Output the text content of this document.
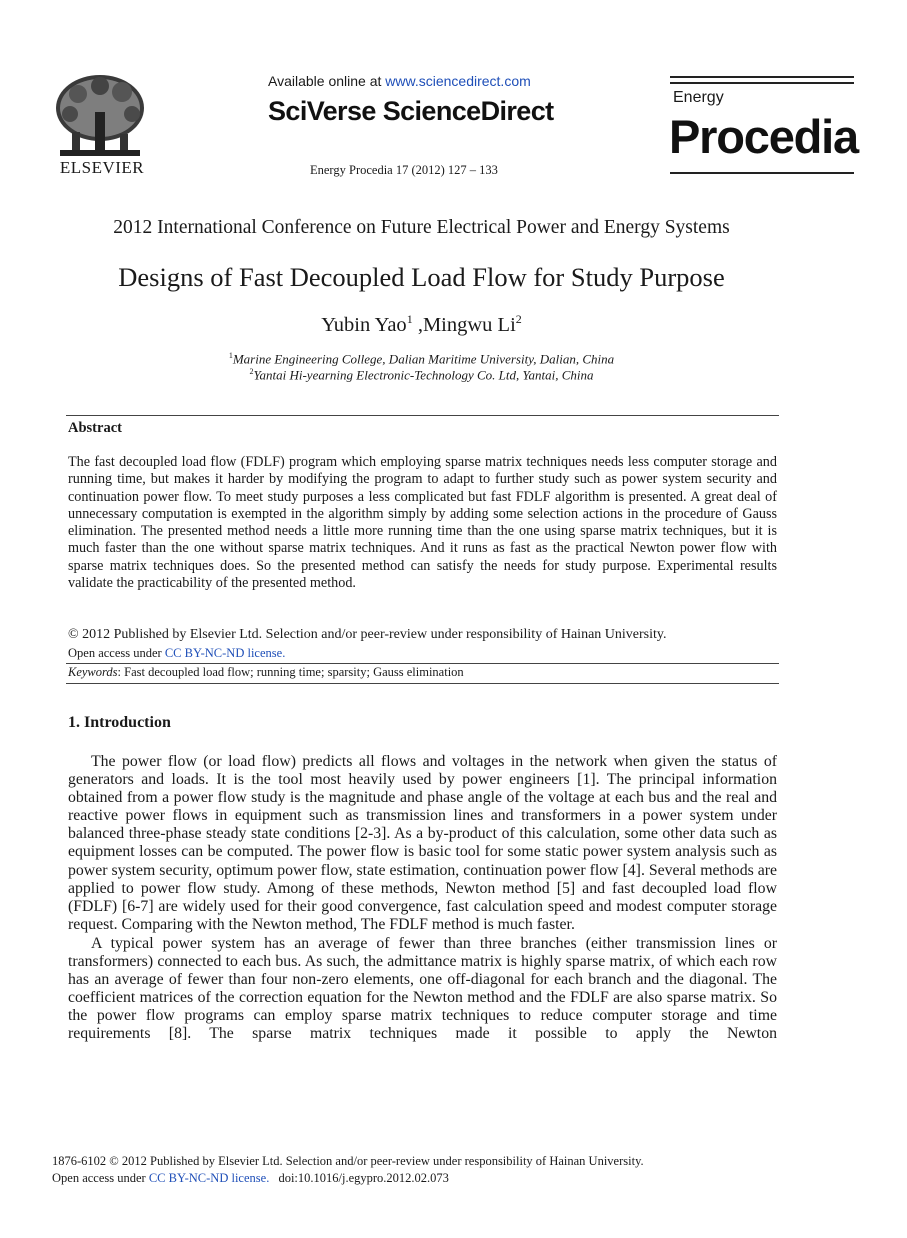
ELSEVIER
Available online at www.sciencedirect.com
SciVerse ScienceDirect
Energy Procedia 17 (2012) 127 – 133
Energy
Procedia
2012 International Conference on Future Electrical Power and Energy Systems
Designs of Fast Decoupled Load Flow for Study Purpose
Yubin Yao$^1$ ,Mingwu Li$^2$
$^1$Marine Engineering College, Dalian Maritime University, Dalian, China
$^2$Yantai Hi-yearning Electronic-Technology Co. Ltd, Yantai, China
Abstract
The fast decoupled load flow (FDLF) program which employing sparse matrix techniques needs less computer storage and running time, but makes it harder by modifying the program to adapt to further study such as power system security and continuation power flow. To meet study purposes a less complicated but fast FDLF algorithm is presented. A great deal of unnecessary computation is exempted in the algorithm simply by adding some selection actions in the procedure of Gauss elimination. The presented method needs a little more running time than the one using sparse matrix techniques, but it is much faster than the one without sparse matrix techniques. And it runs as fast as the practical Newton power flow with sparse matrix techniques does. So the presented method can satisfy the needs for study purpose. Experimental results validate the practicability of the presented method.
© 2012 Published by Elsevier Ltd. Selection and/or peer-review under responsibility of Hainan University.
Open access under CC BY-NC-ND license.
Keywords: Fast decoupled load flow; running time; sparsity; Gauss elimination
1. Introduction
The power flow (or load flow) predicts all flows and voltages in the network when given the status of generators and loads. It is the tool most heavily used by power engineers [1]. The principal information obtained from a power flow study is the magnitude and phase angle of the voltage at each bus and the real and reactive power flows in equipment such as transmission lines and transformers in a power system under balanced three-phase steady state conditions [2-3]. As a by-product of this calculation, some other data such as equipment losses can be computed. The power flow is basic tool for some static power system analysis such as power system security, optimum power flow, state estimation, continuation power flow [4]. Several methods are applied to power flow study. Among of these methods, Newton method [5] and fast decoupled load flow (FDLF) [6-7] are widely used for their good convergence, fast calculation speed and modest computer storage request. Comparing with the Newton method, The FDLF method is much faster.
A typical power system has an average of fewer than three branches (either transmission lines or transformers) connected to each bus. As such, the admittance matrix is highly sparse matrix, of which each row has an average of fewer than four non-zero elements, one off-diagonal for each branch and the diagonal. The coefficient matrices of the correction equation for the Newton method and the FDLF are also sparse matrix. So the power flow programs can employ sparse matrix techniques to reduce computer storage and time requirements [8]. The sparse matrix techniques made it possible to apply the Newton
1876-6102 © 2012 Published by Elsevier Ltd. Selection and/or peer-review under responsibility of Hainan University.
Open access under CC BY-NC-ND license. doi:10.1016/j.egypro.2012.02.073
